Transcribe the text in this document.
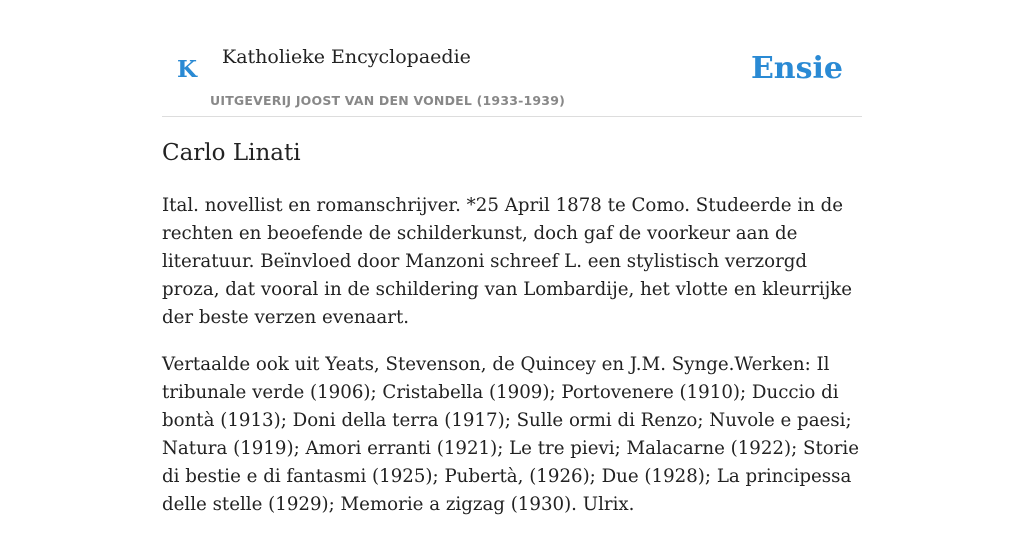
K Katholieke Encyclopaedie
UITGEVERIJ JOOST VAN DEN VONDEL (1933-1939)
Ensie
Carlo Linati

Ital. novellist en romanschrijver. *25 April 1878 te Como. Studeerde in de rechten en beoefende de schilderkunst, doch gaf de voorkeur aan de literatuur. Beïnvloed door Manzoni schreef L. een stylistisch verzorgd proza, dat vooral in de schildering van Lombardije, het vlotte en kleurrijke der beste verzen evenaart.

Vertaalde ook uit Yeats, Stevenson, de Quincey en J.M. Synge.Werken: Il tribunale verde (1906); Cristabella (1909); Portovenere (1910); Duccio di bontà (1913); Doni della terra (1917); Sulle ormi di Renzo; Nuvole e paesi; Natura (1919); Amori erranti (1921); Le tre pievi; Malacarne (1922); Storie di bestie e di fantasmi (1925); Pubertà, (1926); Due (1928); La principessa delle stelle (1929); Memorie a zigzag (1930). Ulrix.
